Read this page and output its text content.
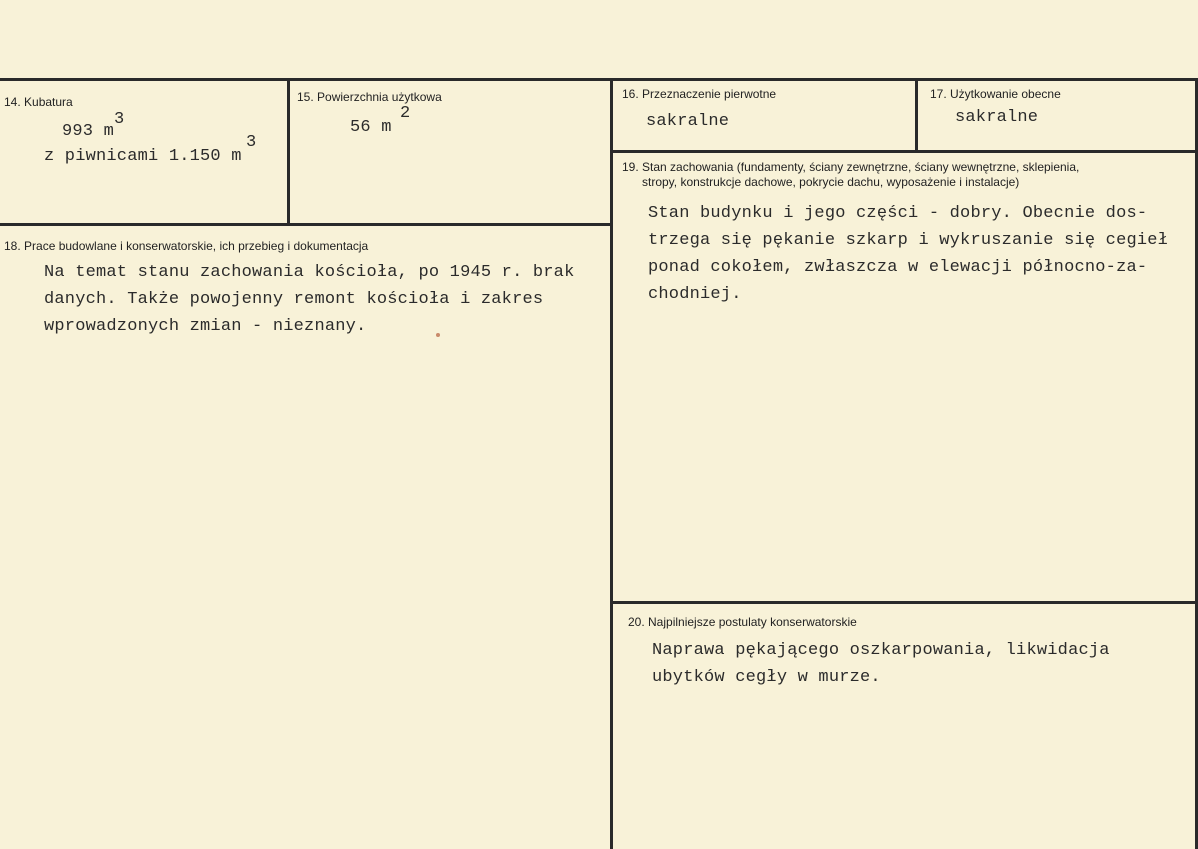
14. Kubatura
993 m
3
z piwnicami 1.150 m
3
15. Powierzchnia użytkowa
56 m
2
16. Przeznaczenie pierwotne
sakralne
17. Użytkowanie obecne
sakralne
18. Prace budowlane i konserwatorskie, ich przebieg i dokumentacja
Na temat stanu zachowania kościoła, po 1945 r. brak
danych. Także powojenny remont kościoła i zakres
wprowadzonych zmian - nieznany.
19. Stan zachowania (fundamenty, ściany zewnętrzne, ściany wewnętrzne, sklepienia,
stropy, konstrukcje dachowe, pokrycie dachu, wyposażenie i instalacje)
Stan budynku i jego części - dobry. Obecnie dos-
trzega się pękanie szkarp i wykruszanie się cegieł
ponad cokołem, zwłaszcza w elewacji północno-za-
chodniej.
20. Najpilniejsze postulaty konserwatorskie
Naprawa pękającego oszkarpowania, likwidacja
ubytków cegły w murze.
